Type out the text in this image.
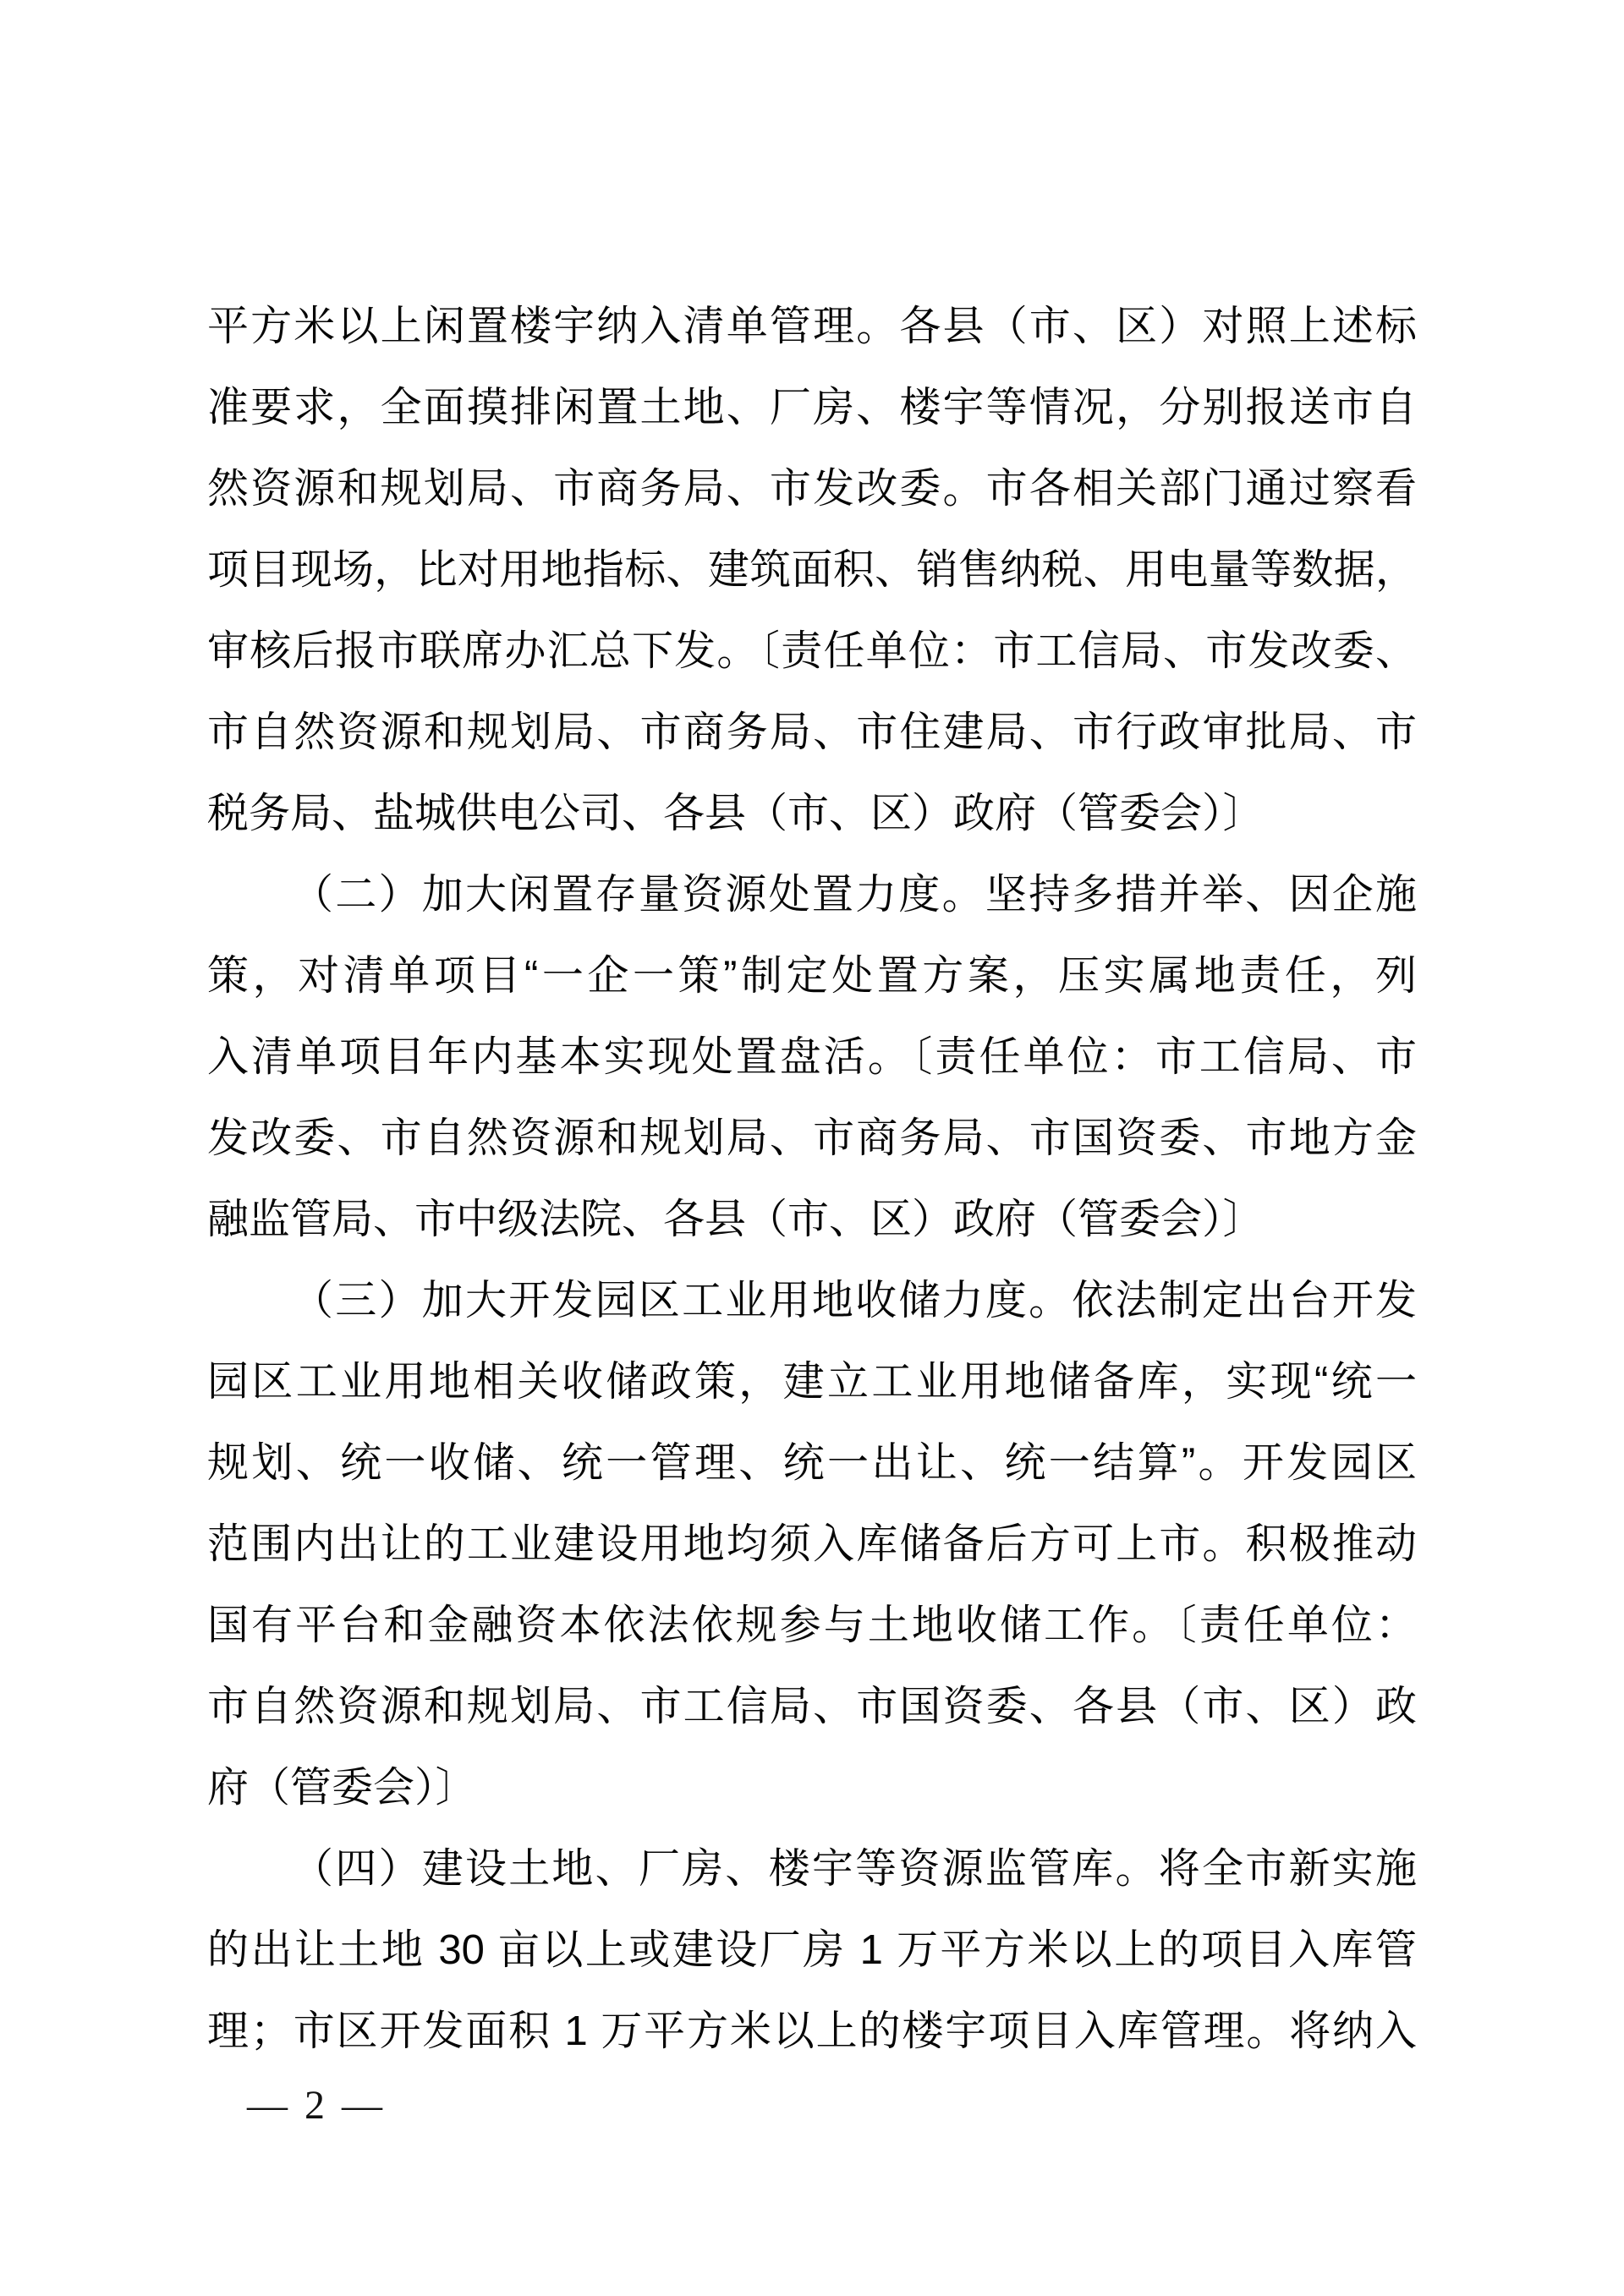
平方米以上闲置楼宇纳入清单管理。各县（市、区）对照上述标
准要求，全面摸排闲置土地、厂房、楼宇等情况，分别报送市自
然资源和规划局、市商务局、市发改委。市各相关部门通过察看
项目现场，比对用地指标、建筑面积、销售纳税、用电量等数据，
审核后报市联席办汇总下发。〔责任单位：市工信局、市发改委、
市自然资源和规划局、市商务局、市住建局、市行政审批局、市
税务局、盐城供电公司、各县（市、区）政府（管委会）〕
（二）加大闲置存量资源处置力度。坚持多措并举、因企施
策，对清单项目“一企一策”制定处置方案，压实属地责任，列
入清单项目年内基本实现处置盘活。〔责任单位：市工信局、市
发改委、市自然资源和规划局、市商务局、市国资委、市地方金
融监管局、市中级法院、各县（市、区）政府（管委会）〕
（三）加大开发园区工业用地收储力度。依法制定出台开发
园区工业用地相关收储政策，建立工业用地储备库，实现“统一
规划、统一收储、统一管理、统一出让、统一结算”。开发园区
范围内出让的工业建设用地均须入库储备后方可上市。积极推动
国有平台和金融资本依法依规参与土地收储工作。〔责任单位：
市自然资源和规划局、市工信局、市国资委、各县（市、区）政
府（管委会）〕
（四）建设土地、厂房、楼宇等资源监管库。将全市新实施
的出让土地 30 亩以上或建设厂房 1 万平方米以上的项目入库管
理；市区开发面积 1 万平方米以上的楼宇项目入库管理。将纳入
— 2 —
